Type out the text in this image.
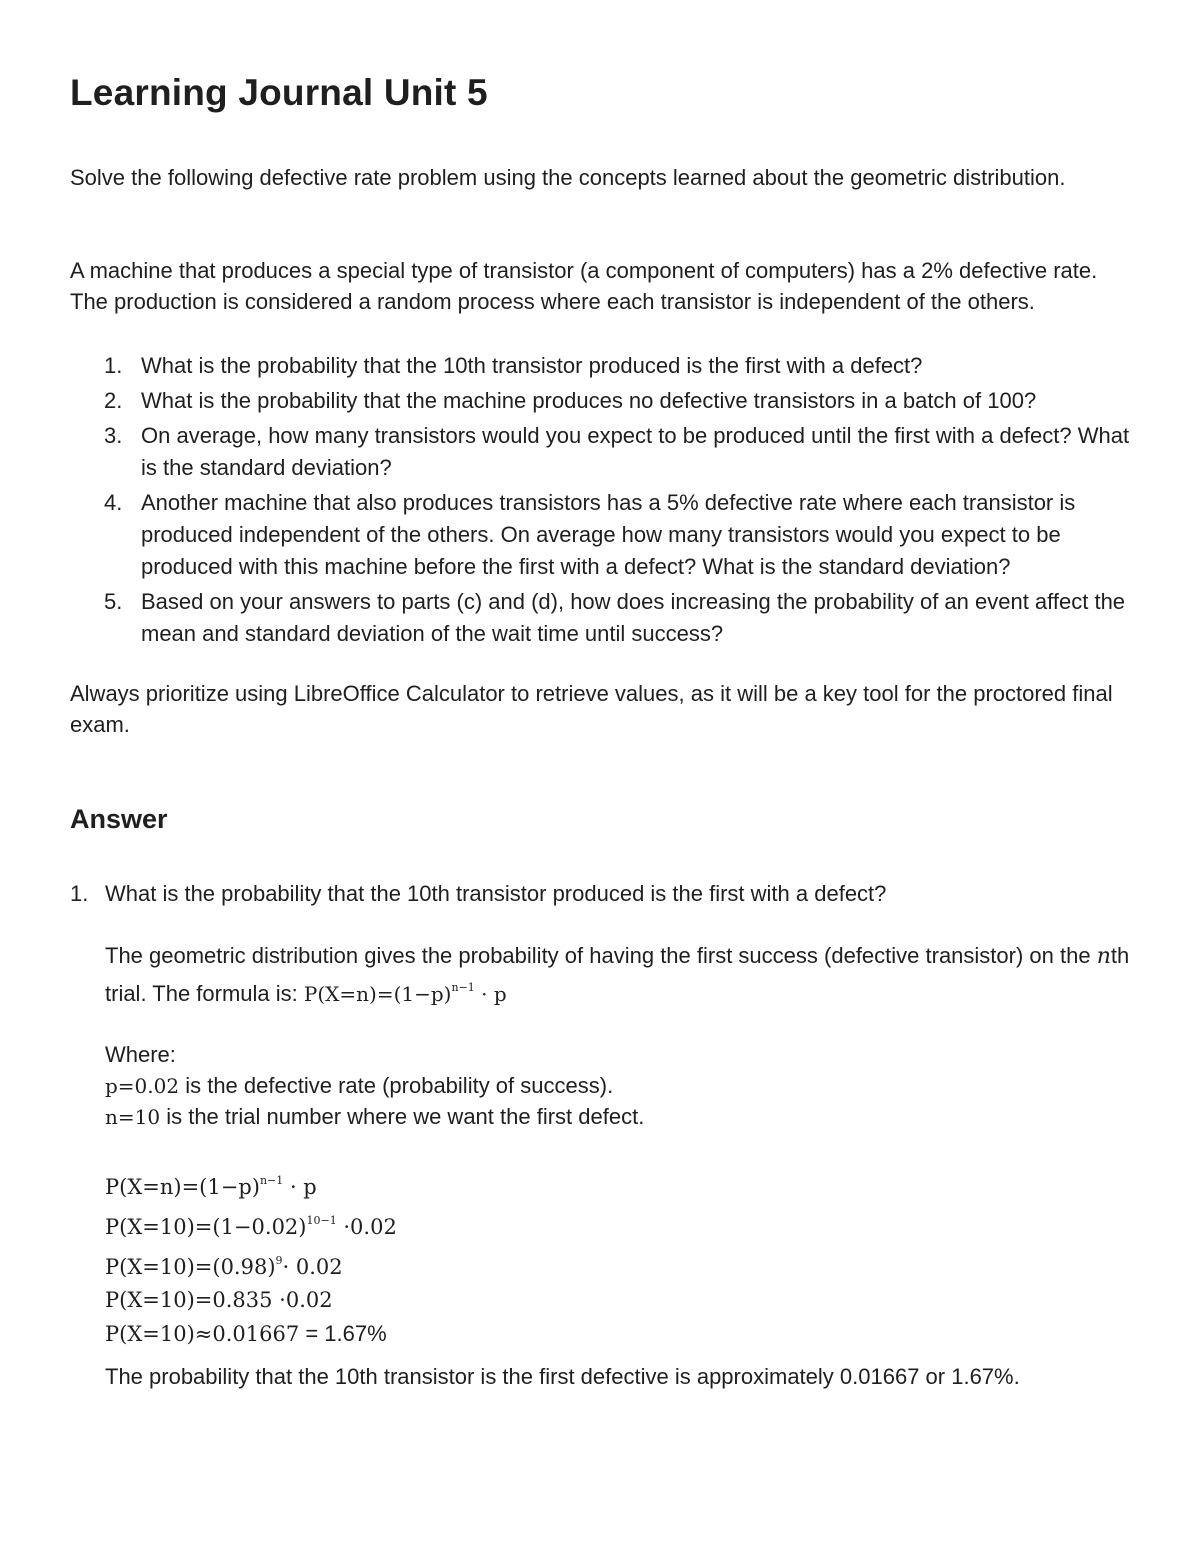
Learning Journal Unit 5

Solve the following defective rate problem using the concepts learned about the geometric distribution.

A machine that produces a special type of transistor (a component of computers) has a 2% defective rate. The production is considered a random process where each transistor is independent of the others.

1. What is the probability that the 10th transistor produced is the first with a defect?
2. What is the probability that the machine produces no defective transistors in a batch of 100?
3. On average, how many transistors would you expect to be produced until the first with a defect? What is the standard deviation?
4. Another machine that also produces transistors has a 5% defective rate where each transistor is produced independent of the others. On average how many transistors would you expect to be produced with this machine before the first with a defect? What is the standard deviation?
5. Based on your answers to parts (c) and (d), how does increasing the probability of an event affect the mean and standard deviation of the wait time until success?

Always prioritize using LibreOffice Calculator to retrieve values, as it will be a key tool for the proctored final exam.

Answer
1. What is the probability that the 10th transistor produced is the first with a defect?
The geometric distribution gives the probability of having the first success (defective transistor) on the nth trial. The formula is: $P(X=n)=(1-p)^{n-1} \cdot p$
Where:
p=0.02 is the defective rate (probability of success).
n=10 is the trial number where we want the first defect.
$P(X=n)=(1-p)^{n-1} \cdot p$
$P(X=10)=(1-0.02)^{10-1} \cdot 0.02$
$P(X=10)=(0.98)^9\cdot 0.02$
P(X=10)=0.835 ·0.02
P(X=10)≈0.01667 = 1.67%
The probability that the 10th transistor is the first defective is approximately 0.01667 or 1.67%.
